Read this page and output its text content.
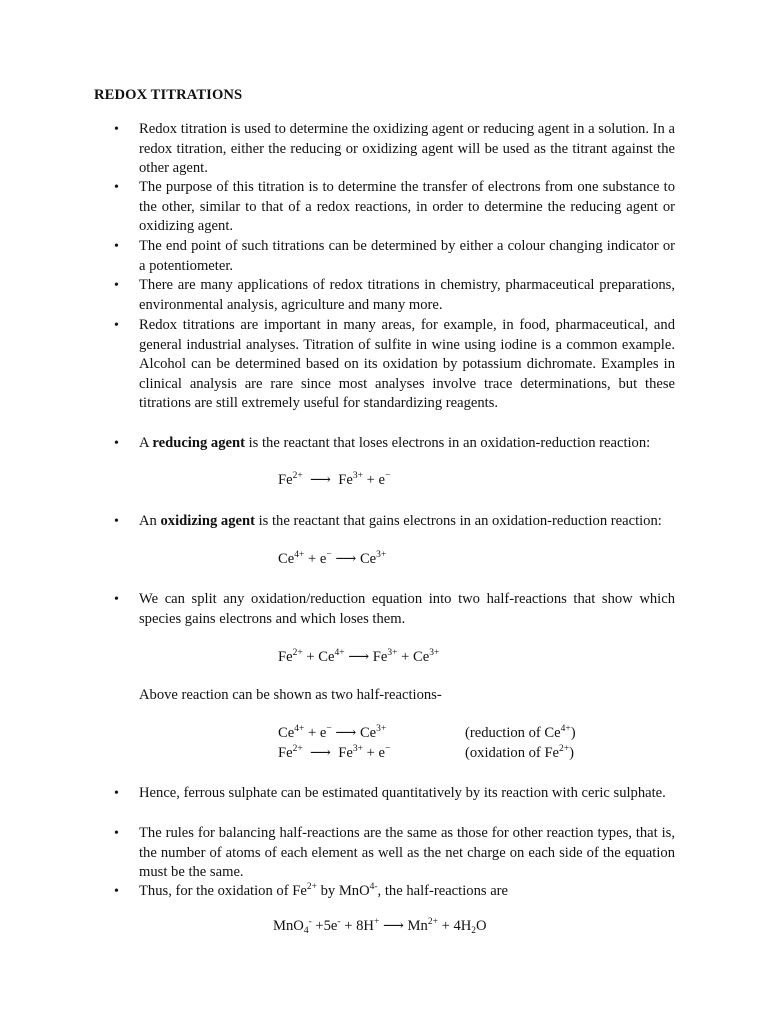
REDOX TITRATIONS
•
Redox titration is used to determine the oxidizing agent or reducing agent in a solution. In a redox titration, either the reducing or oxidizing agent will be used as the titrant against the other agent.
•
The purpose of this titration is to determine the transfer of electrons from one substance to the other, similar to that of a redox reactions, in order to determine the reducing agent or oxidizing agent.
•
The end point of such titrations can be determined by either a colour changing indicator or a potentiometer.
•
There are many applications of redox titrations in chemistry, pharmaceutical preparations, environmental analysis, agriculture and many more.
•
Redox titrations are important in many areas, for example, in food, pharmaceutical, and general industrial analyses. Titration of sulfite in wine using iodine is a common example. Alcohol can be determined based on its oxidation by potassium dichromate. Examples in clinical analysis are rare since most analyses involve trace determinations, but these titrations are still extremely useful for standardizing reagents.
•
A reducing agent is the reactant that loses electrons in an oxidation-reduction reaction:
$Fe^{2+}$ ⟶ $Fe^{3+} + e^-$
•
An oxidizing agent is the reactant that gains electrons in an oxidation-reduction reaction:
$Ce^{4+} + e^-$ ⟶ $Ce^{3+}$
•
We can split any oxidation/reduction equation into two half-reactions that show which species gains electrons and which loses them.
$Fe^{2+} + Ce^{4+}$ ⟶ $Fe^{3+} + Ce^{3+}$
Above reaction can be shown as two half-reactions-
$Ce^{4+} + e^-$ ⟶ $Ce^{3+}$	(reduction of $Ce^{4+}$)
$Fe^{2+}$ ⟶ $Fe^{3+} + e^-$	(oxidation of $Fe^{2+}$)
•
Hence, ferrous sulphate can be estimated quantitatively by its reaction with ceric sulphate.
•
The rules for balancing half-reactions are the same as those for other reaction types, that is, the number of atoms of each element as well as the net charge on each side of the equation must be the same.
•
Thus, for the oxidation of $Fe^{2+}$ by MnO$^{4-}$, the half-reactions are
MnO$_4$- +5e- + 8H+ ⟶ $Mn^{2+} + 4H_2O$
